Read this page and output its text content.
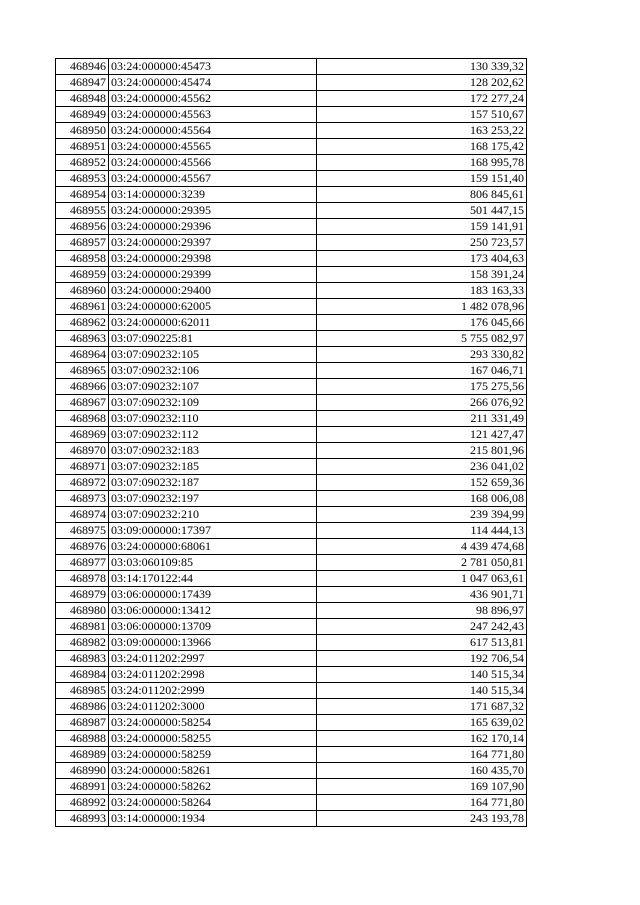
468946	03:24:000000:45473	130 339,32
468947	03:24:000000:45474	128 202,62
468948	03:24:000000:45562	172 277,24
468949	03:24:000000:45563	157 510,67
468950	03:24:000000:45564	163 253,22
468951	03:24:000000:45565	168 175,42
468952	03:24:000000:45566	168 995,78
468953	03:24:000000:45567	159 151,40
468954	03:14:000000:3239	806 845,61
468955	03:24:000000:29395	501 447,15
468956	03:24:000000:29396	159 141,91
468957	03:24:000000:29397	250 723,57
468958	03:24:000000:29398	173 404,63
468959	03:24:000000:29399	158 391,24
468960	03:24:000000:29400	183 163,33
468961	03:24:000000:62005	1 482 078,96
468962	03:24:000000:62011	176 045,66
468963	03:07:090225:81	5 755 082,97
468964	03:07:090232:105	293 330,82
468965	03:07:090232:106	167 046,71
468966	03:07:090232:107	175 275,56
468967	03:07:090232:109	266 076,92
468968	03:07:090232:110	211 331,49
468969	03:07:090232:112	121 427,47
468970	03:07:090232:183	215 801,96
468971	03:07:090232:185	236 041,02
468972	03:07:090232:187	152 659,36
468973	03:07:090232:197	168 006,08
468974	03:07:090232:210	239 394,99
468975	03:09:000000:17397	114 444,13
468976	03:24:000000:68061	4 439 474,68
468977	03:03:060109:85	2 781 050,81
468978	03:14:170122:44	1 047 063,61
468979	03:06:000000:17439	436 901,71
468980	03:06:000000:13412	98 896,97
468981	03:06:000000:13709	247 242,43
468982	03:09:000000:13966	617 513,81
468983	03:24:011202:2997	192 706,54
468984	03:24:011202:2998	140 515,34
468985	03:24:011202:2999	140 515,34
468986	03:24:011202:3000	171 687,32
468987	03:24:000000:58254	165 639,02
468988	03:24:000000:58255	162 170,14
468989	03:24:000000:58259	164 771,80
468990	03:24:000000:58261	160 435,70
468991	03:24:000000:58262	169 107,90
468992	03:24:000000:58264	164 771,80
468993	03:14:000000:1934	243 193,78
